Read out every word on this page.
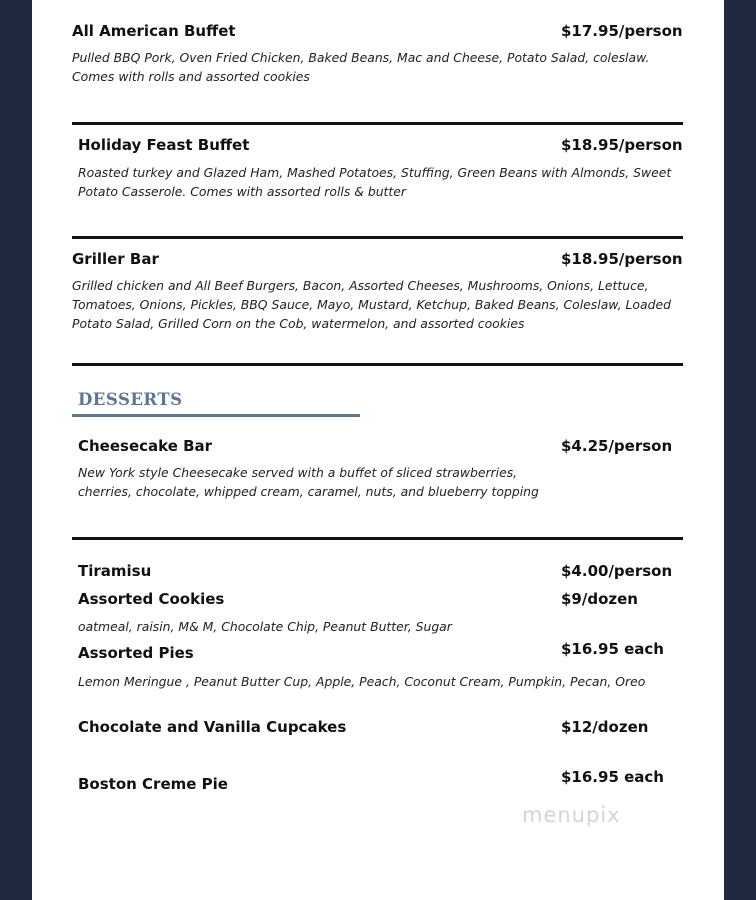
All American Buffet	$17.95/person
Pulled BBQ Pork, Oven Fried Chicken, Baked Beans, Mac and Cheese, Potato Salad, coleslaw. Comes with rolls and assorted cookies
Holiday Feast Buffet	$18.95/person
Roasted turkey and Glazed Ham, Mashed Potatoes, Stuffing, Green Beans with Almonds, Sweet Potato Casserole. Comes with assorted rolls & butter
Griller Bar	$18.95/person
Grilled chicken and All Beef Burgers, Bacon, Assorted Cheeses, Mushrooms, Onions, Lettuce, Tomatoes, Onions, Pickles, BBQ Sauce, Mayo, Mustard, Ketchup, Baked Beans, Coleslaw, Loaded Potato Salad, Grilled Corn on the Cob, watermelon, and assorted cookies
DESSERTS
Cheesecake Bar	$4.25/person
New York style Cheesecake served with a buffet of sliced strawberries, cherries, chocolate, whipped cream, caramel, nuts, and blueberry topping
Tiramisu	$4.00/person
Assorted Cookies	$9/dozen
oatmeal, raisin, M& M, Chocolate Chip, Peanut Butter, Sugar
Assorted Pies	$16.95 each
Lemon Meringue , Peanut Butter Cup, Apple, Peach, Coconut Cream, Pumpkin, Pecan, Oreo
Chocolate and Vanilla Cupcakes	$12/dozen
Boston Creme Pie	$16.95 each
menupix
